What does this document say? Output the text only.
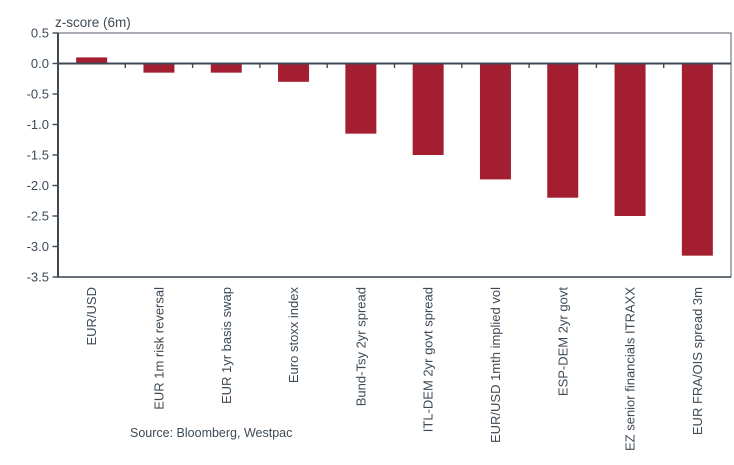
0.5
0.0
-0.5
-1.0
-1.5
-2.0
-2.5
-3.0
-3.5
EUR/USD	EUR 1m risk reversal	EUR 1yr basis swap	Euro stoxx index	Bund-Tsy 2yr spread	ITL-DEM 2yr govt spread	EUR/USD 1mth implied vol	ESP-DEM 2yr govt	EZ senior financials ITRAXX	EUR FRA/OIS spread 3m
z-score (6m)
Source: Bloomberg, Westpac
